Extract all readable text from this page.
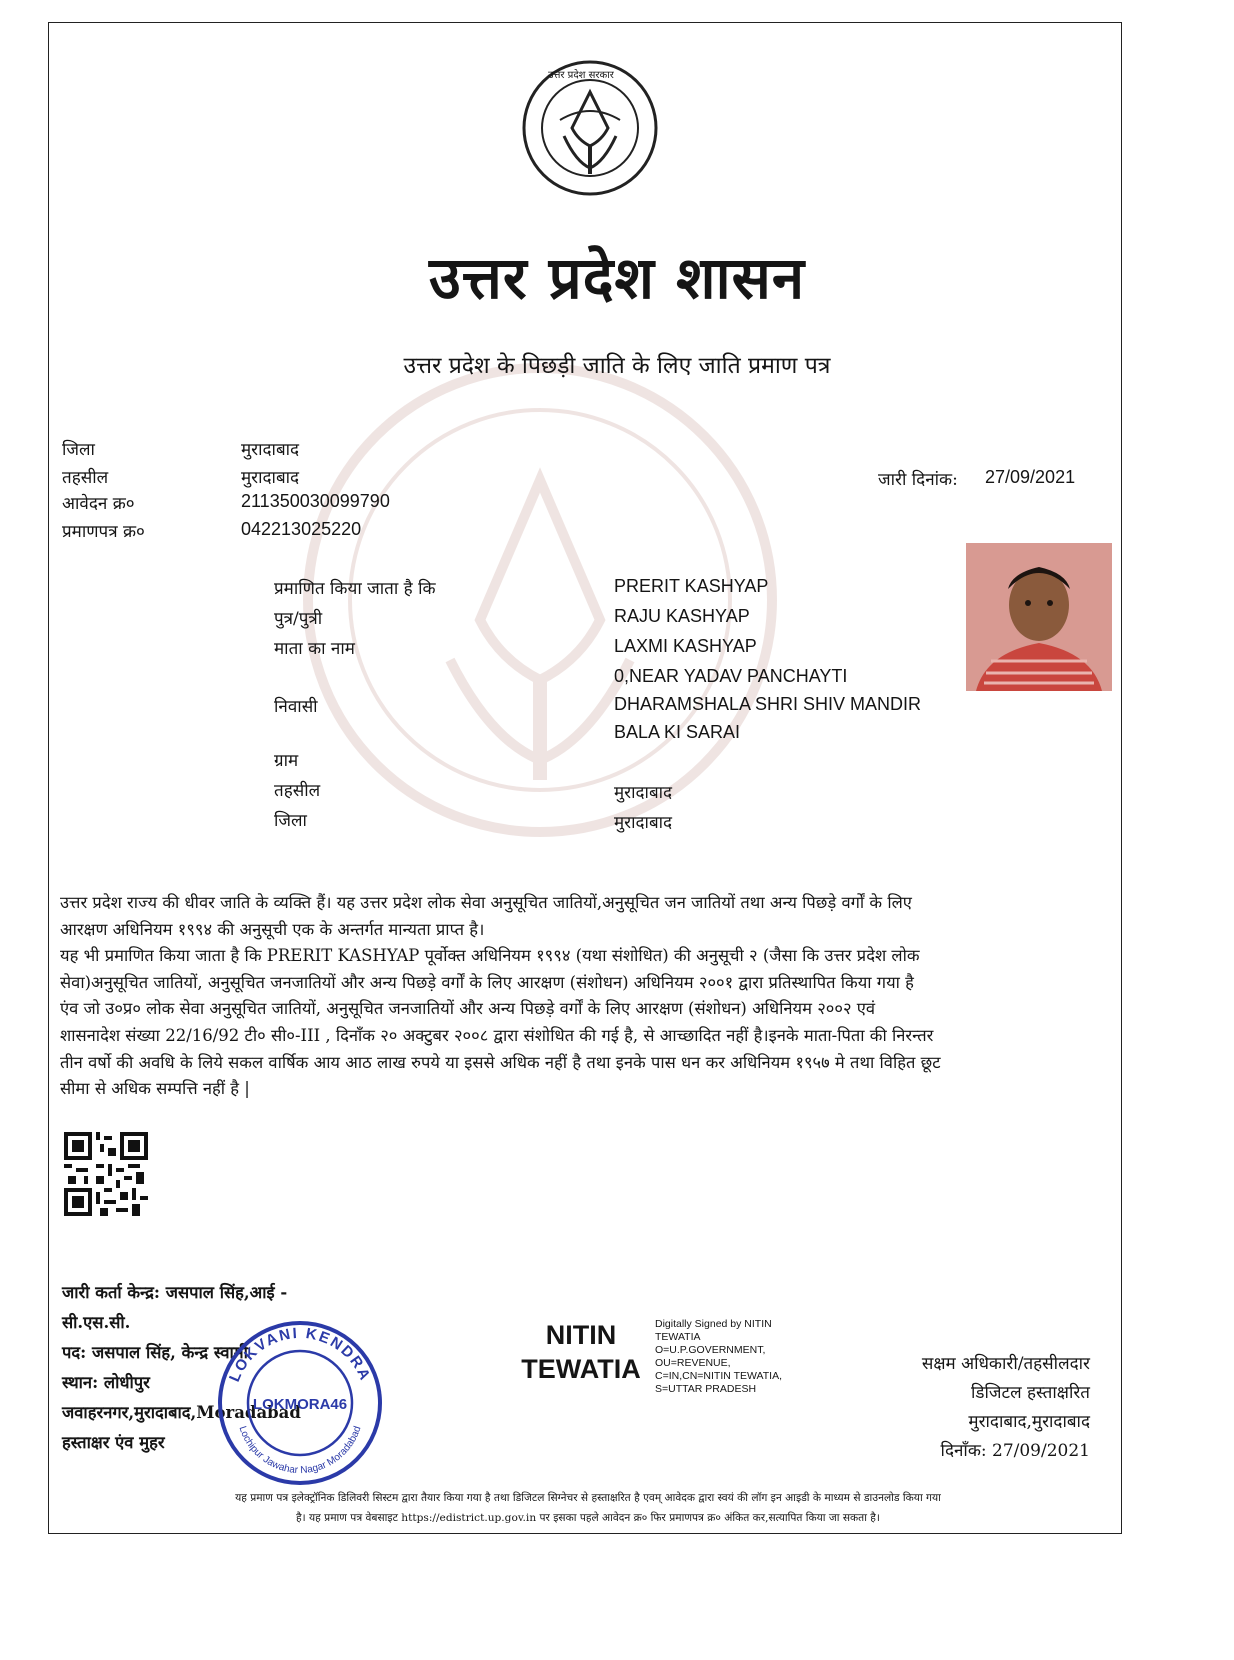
उत्तर प्रदेश सरकार
उत्तर प्रदेश शासन
उत्तर प्रदेश के पिछड़ी जाति के लिए जाति प्रमाण पत्र
जिला	मुरादाबाद
तहसील	मुरादाबाद
आवेदन क्र०	211350030099790
प्रमाणपत्र क्र०	042213025220
जारी दिनांक: 27/09/2021
प्रमाणित किया जाता है कि	PRERIT KASHYAP
पुत्र/पुत्री	RAJU KASHYAP
माता का नाम	LAXMI KASHYAP
0,NEAR YADAV PANCHAYTI
निवासी	DHARAMSHALA SHRI SHIV MANDIR
BALA KI SARAI
ग्राम
तहसील	मुरादाबाद
जिला	मुरादाबाद

उत्तर प्रदेश राज्य की धीवर जाति के व्यक्ति हैं। यह उत्तर प्रदेश लोक सेवा अनुसूचित जातियों,अनुसूचित जन जातियों तथा अन्य पिछड़े वर्गों के लिए

आरक्षण अधिनियम १९९४ की अनुसूची एक के अन्तर्गत मान्यता प्राप्त है।

यह भी प्रमाणित किया जाता है कि PRERIT KASHYAP पूर्वोक्त अधिनियम १९९४ (यथा संशोधित) की अनुसूची २ (जैसा कि उत्तर प्रदेश लोक

सेवा)अनुसूचित जातियों, अनुसूचित जनजातियों और अन्य पिछड़े वर्गों के लिए आरक्षण (संशोधन) अधिनियम २००१ द्वारा प्रतिस्थापित किया गया है

एंव जो उ०प्र० लोक सेवा अनुसूचित जातियों, अनुसूचित जनजातियों और अन्य पिछड़े वर्गों के लिए आरक्षण (संशोधन) अधिनियम २००२ एवं

शासनादेश संख्या 22/16/92 टी० सी०-III , दिनाँक २० अक्टुबर २००८ द्वारा संशोधित की गई है, से आच्छादित नहीं है।इनके माता-पिता की निरन्तर

तीन वर्षो की अवधि के लिये सकल वार्षिक आय आठ लाख रुपये या इससे अधिक नहीं है तथा इनके पास धन कर अधिनियम १९५७ मे तथा विहित छूट

सीमा से अधिक सम्पत्ति नहीं है |

जारी कर्ता केन्द्र: जसपाल सिंह,आई -
सी.एस.सी.
पद: जसपाल सिंह, केन्द्र स्वामी
स्थान: लोधीपुर
जवाहरनगर,मुरादाबाद,Moradabad
हस्ताक्षर एंव मुहर
LOKVANI KENDRA
Lochipur Jawahar Nagar Moradabad
LOKMORA46
NITIN
TEWATIA
Digitally Signed by NITIN
TEWATIA
O=U.P.GOVERNMENT,
OU=REVENUE,
C=IN,CN=NITIN TEWATIA,
S=UTTAR PRADESH
सक्षम अधिकारी/तहसीलदार
डिजिटल हस्ताक्षरित
मुरादाबाद,मुरादाबाद
दिनाँक: 27/09/2021
यह प्रमाण पत्र इलेक्ट्रॉनिक डिलिवरी सिस्टम द्वारा तैयार किया गया है तथा डिजिटल सिग्नेचर से हस्ताक्षरित है एवम् आवेदक द्वारा स्वयं की लॉग इन आइडी के माध्यम से डाउनलोड किया गया
है। यह प्रमाण पत्र वेबसाइट https://edistrict.up.gov.in पर इसका पहले आवेदन क्र० फिर प्रमाणपत्र क्र० अंकित कर,सत्यापित किया जा सकता है।
